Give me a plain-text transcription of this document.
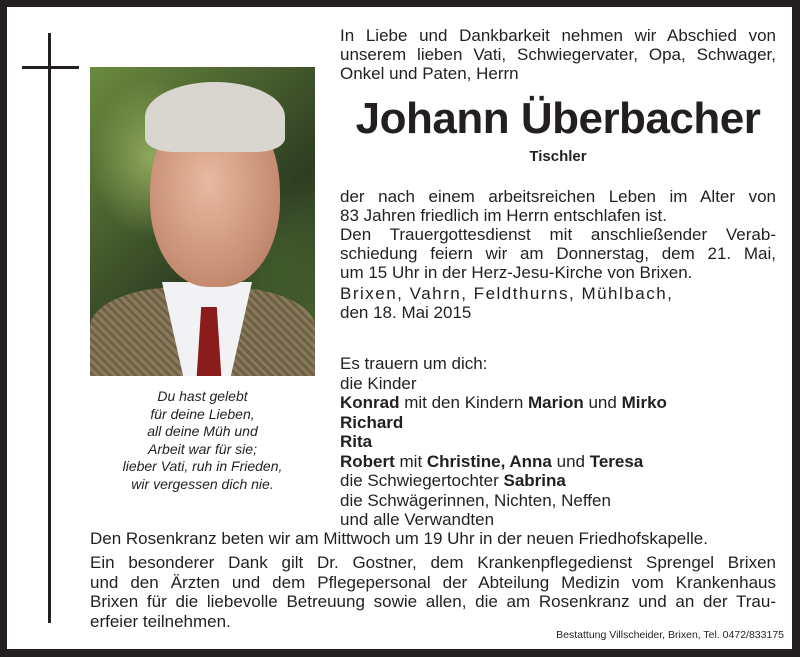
Du hast gelebt
für deine Lieben,
all deine Müh und
Arbeit war für sie;
lieber Vati, ruh in Frieden,
wir vergessen dich nie.
In Liebe und Dankbarkeit nehmen wir Abschied von
unserem lieben Vati, Schwiegervater, Opa, Schwager,
Onkel und Paten, Herrn
Johann Überbacher
Tischler
der nach einem arbeitsreichen Leben im Alter von
83 Jahren friedlich im Herrn entschlafen ist.
Den Trauergottesdienst mit anschließender Verab-
schiedung feiern wir am Donnerstag, dem 21. Mai,
um 15 Uhr in der Herz-Jesu-Kirche von Brixen.
Brixen, Vahrn, Feldthurns, Mühlbach,
den 18. Mai 2015
Es trauern um dich:
die Kinder
Konrad mit den Kindern Marion und Mirko
Richard
Rita
Robert mit Christine, Anna und Teresa
die Schwiegertochter Sabrina
die Schwägerinnen, Nichten, Neffen
und alle Verwandten
Den Rosenkranz beten wir am Mittwoch um 19 Uhr in der neuen Friedhofskapelle.
Ein besonderer Dank gilt Dr. Gostner, dem Krankenpflegedienst Sprengel Brixen
und den Ärzten und dem Pflegepersonal der Abteilung Medizin vom Krankenhaus
Brixen für die liebevolle Betreuung sowie allen, die am Rosenkranz und an der Trau-
erfeier teilnehmen.
Bestattung Villscheider, Brixen, Tel. 0472/833175
